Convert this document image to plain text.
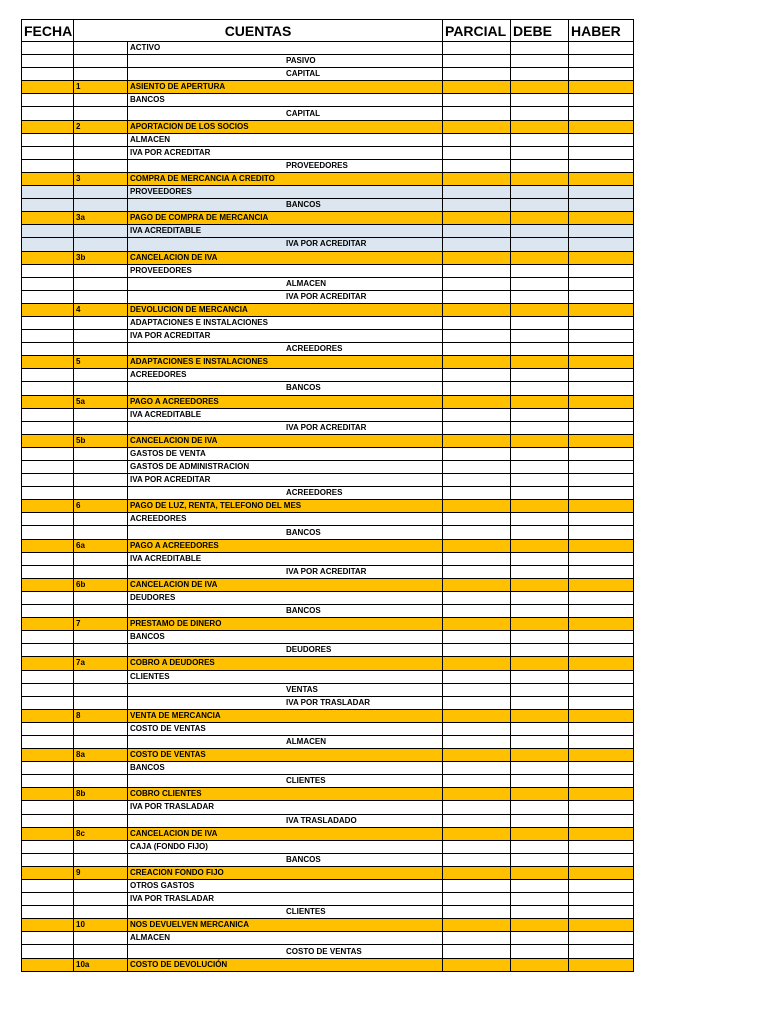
FECHA	CUENTAS		PARCIAL	DEBE	HABER
		ACTIVO			
		PASIVO			
		CAPITAL			
	1	ASIENTO DE APERTURA			
		BANCOS			
		CAPITAL			
	2	APORTACION DE LOS SOCIOS			
		ALMACEN			
		IVA POR ACREDITAR			
		PROVEEDORES			
	3	COMPRA DE MERCANCIA A CREDITO			
		PROVEEDORES			
		BANCOS			
	3a	PAGO DE COMPRA DE MERCANCIA			
		IVA ACREDITABLE			
		IVA POR ACREDITAR			
	3b	CANCELACION DE IVA			
		PROVEEDORES			
		ALMACEN			
		IVA POR ACREDITAR			
	4	DEVOLUCION DE MERCANCIA			
		ADAPTACIONES E INSTALACIONES			
		IVA POR ACREDITAR			
		ACREEDORES			
	5	ADAPTACIONES E INSTALACIONES			
		ACREEDORES			
		BANCOS			
	5a	PAGO A ACREEDORES			
		IVA ACREDITABLE			
		IVA POR ACREDITAR			
	5b	CANCELACION DE IVA			
		GASTOS DE VENTA			
		GASTOS DE ADMINISTRACION			
		IVA POR ACREDITAR			
		ACREEDORES			
	6	PAGO DE LUZ, RENTA, TELEFONO DEL MES			
		ACREEDORES			
		BANCOS			
	6a	PAGO A ACREEDORES			
		IVA ACREDITABLE			
		IVA POR ACREDITAR			
	6b	CANCELACION DE IVA			
		DEUDORES			
		BANCOS			
	7	PRESTAMO DE DINERO			
		BANCOS			
		DEUDORES			
	7a	COBRO A DEUDORES			
		CLIENTES			
		VENTAS			
		IVA POR TRASLADAR			
	8	VENTA DE MERCANCIA			
		COSTO DE VENTAS			
		ALMACEN			
	8a	COSTO DE VENTAS			
		BANCOS			
		CLIENTES			
	8b	COBRO CLIENTES			
		IVA POR TRASLADAR			
		IVA TRASLADADO			
	8c	CANCELACION DE IVA			
		CAJA (FONDO FIJO)			
		BANCOS			
	9	CREACION FONDO FIJO			
		OTROS GASTOS			
		IVA POR TRASLADAR			
		CLIENTES			
	10	NOS DEVUELVEN MERCANICA			
		ALMACEN			
		COSTO DE VENTAS			
	10a	COSTO DE DEVOLUCIÓN			
